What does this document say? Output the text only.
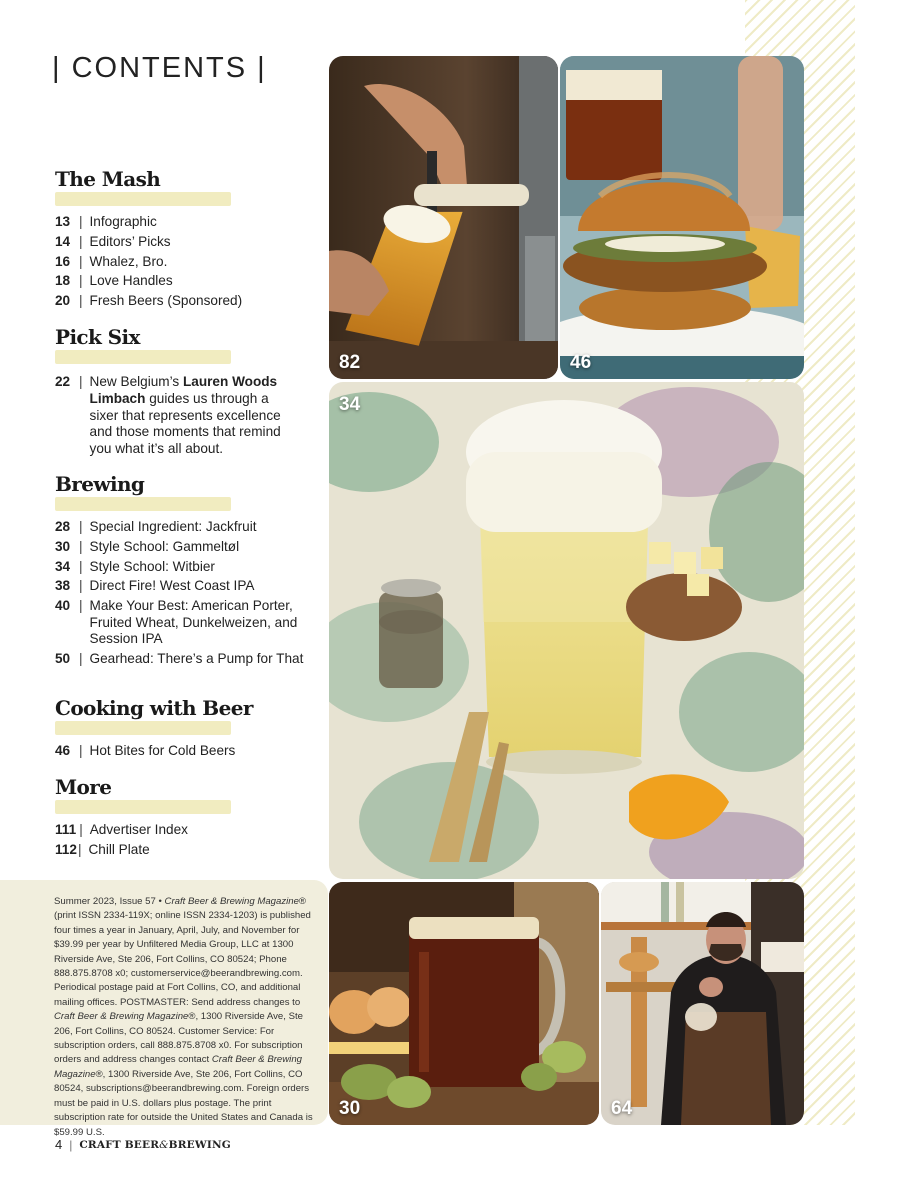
| CONTENTS |
The Mash
13 | Infographic
14 | Editors’ Picks
16 | Whalez, Bro.
18 | Love Handles
20 | Fresh Beers (Sponsored)
Pick Six
22 | New Belgium’s Lauren Woods Limbach guides us through a sixer that represents excellence and those moments that remind you what it’s all about.
Brewing
28 | Special Ingredient: Jackfruit
30 | Style School: Gammeltøl
34 | Style School: Witbier
38 | Direct Fire! West Coast IPA
40 | Make Your Best: American Porter, Fruited Wheat, Dunkelweizen, and Session IPA
50 | Gearhead: There’s a Pump for That
Cooking with Beer
46 | Hot Bites for Cold Beers
More
111 | Advertiser Index
112 | Chill Plate

Summer 2023, Issue 57 • Craft Beer & Brewing Magazine® (print ISSN 2334-119X; online ISSN 2334-1203) is published four times a year in January, April, July, and November for $39.99 per year by Unfiltered Media Group, LLC at 1300 Riverside Ave, Ste 206, Fort Collins, CO 80524; Phone 888.875.8708 x0; customerservice@beerandbrewing.com. Periodical postage paid at Fort Collins, CO, and additional mailing offices. POSTMASTER: Send address changes to Craft Beer & Brewing Magazine®, 1300 Riverside Ave, Ste 206, Fort Collins, CO 80524. Customer Service: For subscription orders, call 888.875.8708 x0. For subscription orders and address changes contact Craft Beer & Brewing Magazine®, 1300 Riverside Ave, Ste 206, Fort Collins, CO 80524, subscriptions@beerandbrewing.com. Foreign orders must be paid in U.S. dollars plus postage. The print subscription rate for outside the United States and Canada is $59.99 U.S.

4 | CRAFT BEER&BREWING
82	46
34
30	64
